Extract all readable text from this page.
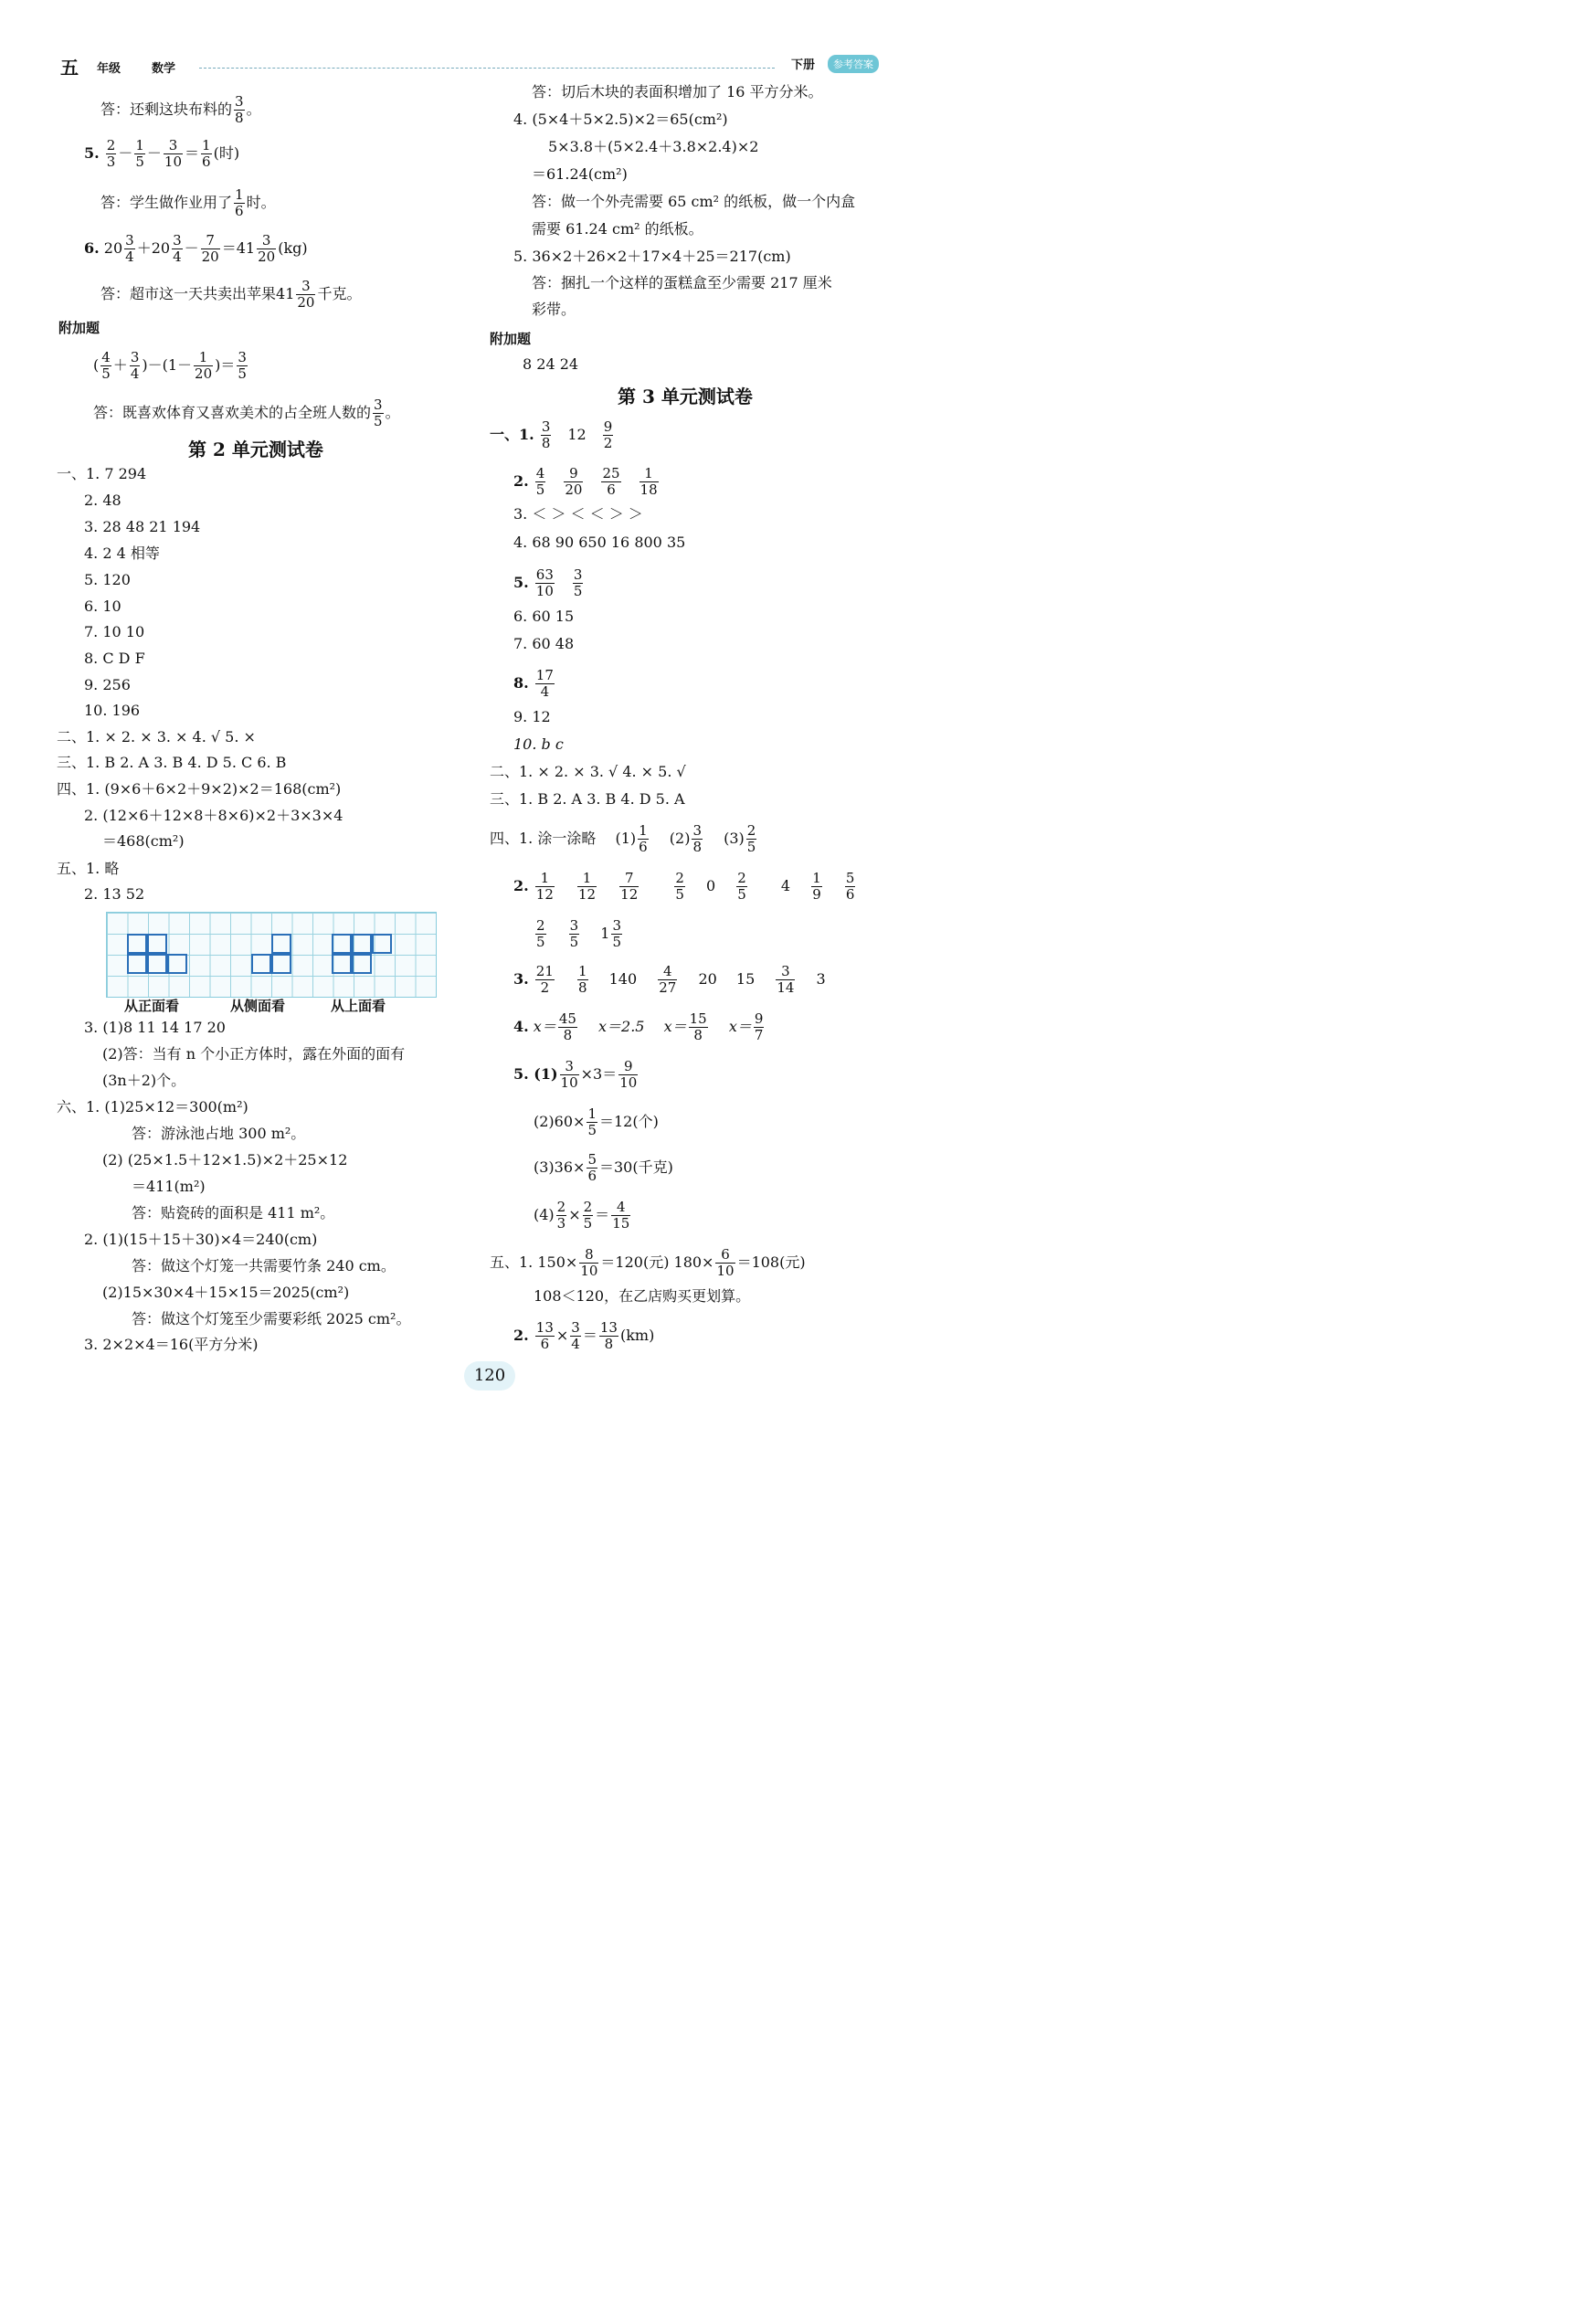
五 年级	数学	下册	参考答案
答：还剩这块布料的 $\frac{3}{8}$ 。
5. $\frac{2}{3} - \frac{1}{5} - \frac{3}{10} = \frac{1}{6}$ (时)
答：学生做作业用了 $\frac{1}{6}$ 时。
6. $20 \frac{3}{4} +20 \frac{3}{4} - \frac{7}{20} =41 \frac{3}{20} (kg)$
答：超市这一天共卖出苹果$41 \frac{3}{20}$ 千克。
附加题
( $\frac{4}{5} + \frac{3}{4} )-(1- \frac{1}{20}$ )＝ $\frac{3}{5}$
答：既喜欢体育又喜欢美术的占全班人数的 $\frac{3}{5}$ 。
第 2 单元测试卷
一、1. 7 294
2. 48
3. 28 48 21 194
4. 2 4 相等
5. 120
6. 10
7. 10 10
8. C D F
9. 256
10. 196
二、1. × 2. × 3. × 4. √ 5. ×
三、1. B 2. A 3. B 4. D 5. C 6. B
四、1. (9×6＋6×2＋9×2)×2＝168(cm²)
2. (12×6＋12×8＋8×6)×2＋3×3×4
＝468(cm²)
五、1. 略
2. 13 52
从正面看	从侧面看	从上面看
3. (1)8 11 14 17 20
(2)答：当有 n 个小正方体时，露在外面的面有
(3n＋2)个。
六、1. (1)25×12＝300(m²)
答：游泳池占地 300 m²。
(2) (25×1.5＋12×1.5)×2＋25×12
＝411(m²)
答：贴瓷砖的面积是 411 m²。
2. (1)(15＋15＋30)×4＝240(cm)
答：做这个灯笼一共需要竹条 240 cm。
(2)15×30×4＋15×15＝2025(cm²)
答：做这个灯笼至少需要彩纸 2025 cm²。
3. 2×2×4＝16(平方分米)
答：切后木块的表面积增加了 16 平方分米。
4. (5×4＋5×2.5)×2＝65(cm²)
5×3.8＋(5×2.4＋3.8×2.4)×2
＝61.24(cm²)
答：做一个外壳需要 65 cm² 的纸板，做一个内盒
需要 61.24 cm² 的纸板。
5. 36×2＋26×2＋17×4＋25＝217(cm)
答：捆扎一个这样的蛋糕盒至少需要 217 厘米
彩带。
附加题
8 24 24
第 3 单元测试卷
一、1. $\frac{3}{8} 12 \frac{9}{2}$
2. $\frac{4}{5} \frac{9}{20} \frac{25}{6} \frac{1}{18}$
3. ＜ ＞ ＜ ＜ ＞ ＞
4. 68 90 650 16 800 35
5. $\frac{63}{10} \frac{3}{5}$
6. 60 15
7. 60 48
8. $\frac{17}{4}$
9. 12
10. b c
二、1. × 2. × 3. √ 4. × 5. √
三、1. B 2. A 3. B 4. D 5. A
四、1. 涂一涂略 $(1) \frac{1}{6} (2) \frac{3}{8} (3) \frac{2}{5}$
2. $\frac{1}{12}$
$\frac{1}{12}$
$\frac{7}{12}$
	$\frac{2}{5} 0 \frac{2}{5} 4 \frac{1}{9}$
$\frac{5}{6}$
$\frac{2}{5}$
$\frac{3}{5} 1 \frac{3}{5}$
3. $\frac{21}{2}$
$\frac{1}{8} 140 \frac{4}{27} 20$ $15 \frac{3}{14} 3$
4. $x= \frac{45}{8} x=2.5$ $x= \frac{15}{8} x= \frac{9}{7}$
5. $(1) \frac{3}{10} \times 3= \frac{9}{10}$
$(2)60\times \frac{1}{5} =12$(个)
$(3)36\times \frac{5}{6} =30$(千克)
$(4) \frac{2}{3} \times \frac{2}{5} = \frac{4}{15}$
五、1. $150\times \frac{8}{10} =120$(元) $180\times \frac{6}{10} =108$(元)
108＜120，在乙店购买更划算。
2. $\frac{13}{6} \times \frac{3}{4} = \frac{13}{8} (km)$
120
